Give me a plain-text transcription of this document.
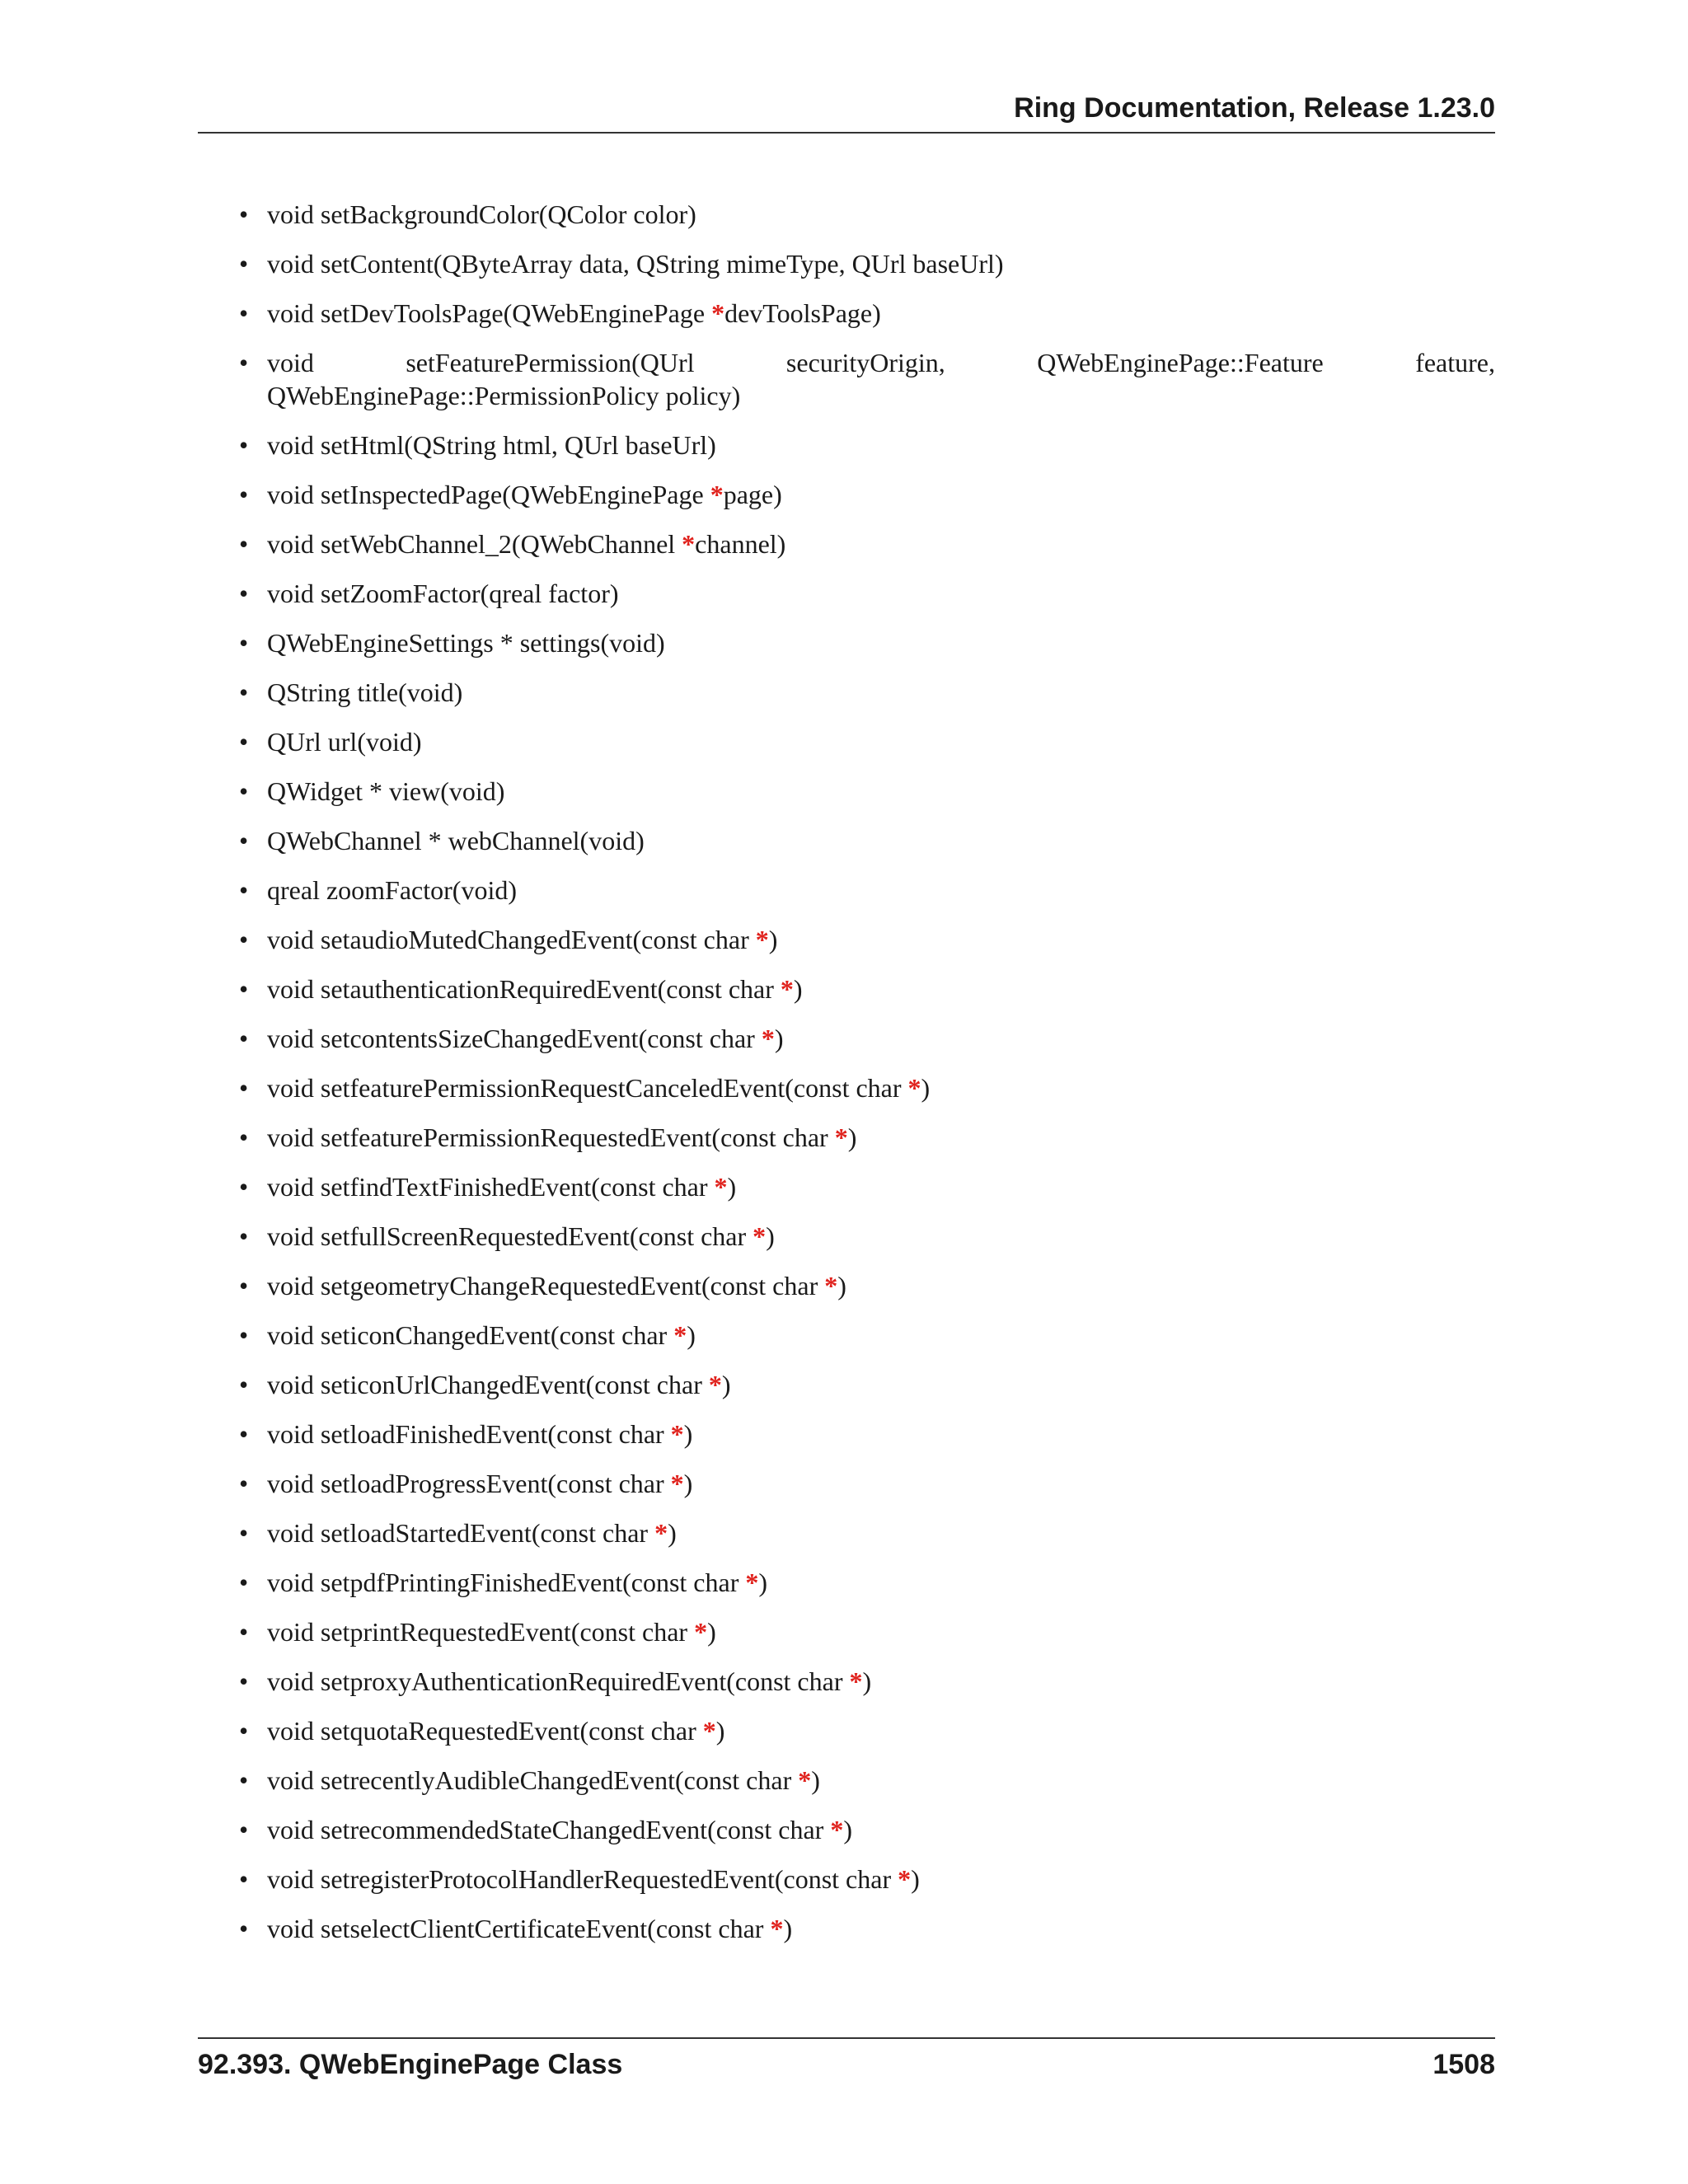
Ring Documentation, Release 1.23.0
• void setBackgroundColor(QColor color)
• void setContent(QByteArray data, QString mimeType, QUrl baseUrl)
• void setDevToolsPage(QWebEnginePage *devToolsPage)
• void setFeaturePermission(QUrl securityOrigin, QWebEnginePage::Feature feature, QWebEnginePage::PermissionPolicy policy)
• void setHtml(QString html, QUrl baseUrl)
• void setInspectedPage(QWebEnginePage *page)
• void setWebChannel_2(QWebChannel *channel)
• void setZoomFactor(qreal factor)
• QWebEngineSettings * settings(void)
• QString title(void)
• QUrl url(void)
• QWidget * view(void)
• QWebChannel * webChannel(void)
• qreal zoomFactor(void)
• void setaudioMutedChangedEvent(const char *)
• void setauthenticationRequiredEvent(const char *)
• void setcontentsSizeChangedEvent(const char *)
• void setfeaturePermissionRequestCanceledEvent(const char *)
• void setfeaturePermissionRequestedEvent(const char *)
• void setfindTextFinishedEvent(const char *)
• void setfullScreenRequestedEvent(const char *)
• void setgeometryChangeRequestedEvent(const char *)
• void seticonChangedEvent(const char *)
• void seticonUrlChangedEvent(const char *)
• void setloadFinishedEvent(const char *)
• void setloadProgressEvent(const char *)
• void setloadStartedEvent(const char *)
• void setpdfPrintingFinishedEvent(const char *)
• void setprintRequestedEvent(const char *)
• void setproxyAuthenticationRequiredEvent(const char *)
• void setquotaRequestedEvent(const char *)
• void setrecentlyAudibleChangedEvent(const char *)
• void setrecommendedStateChangedEvent(const char *)
• void setregisterProtocolHandlerRequestedEvent(const char *)
• void setselectClientCertificateEvent(const char *)
92.393. QWebEnginePage Class	1508
